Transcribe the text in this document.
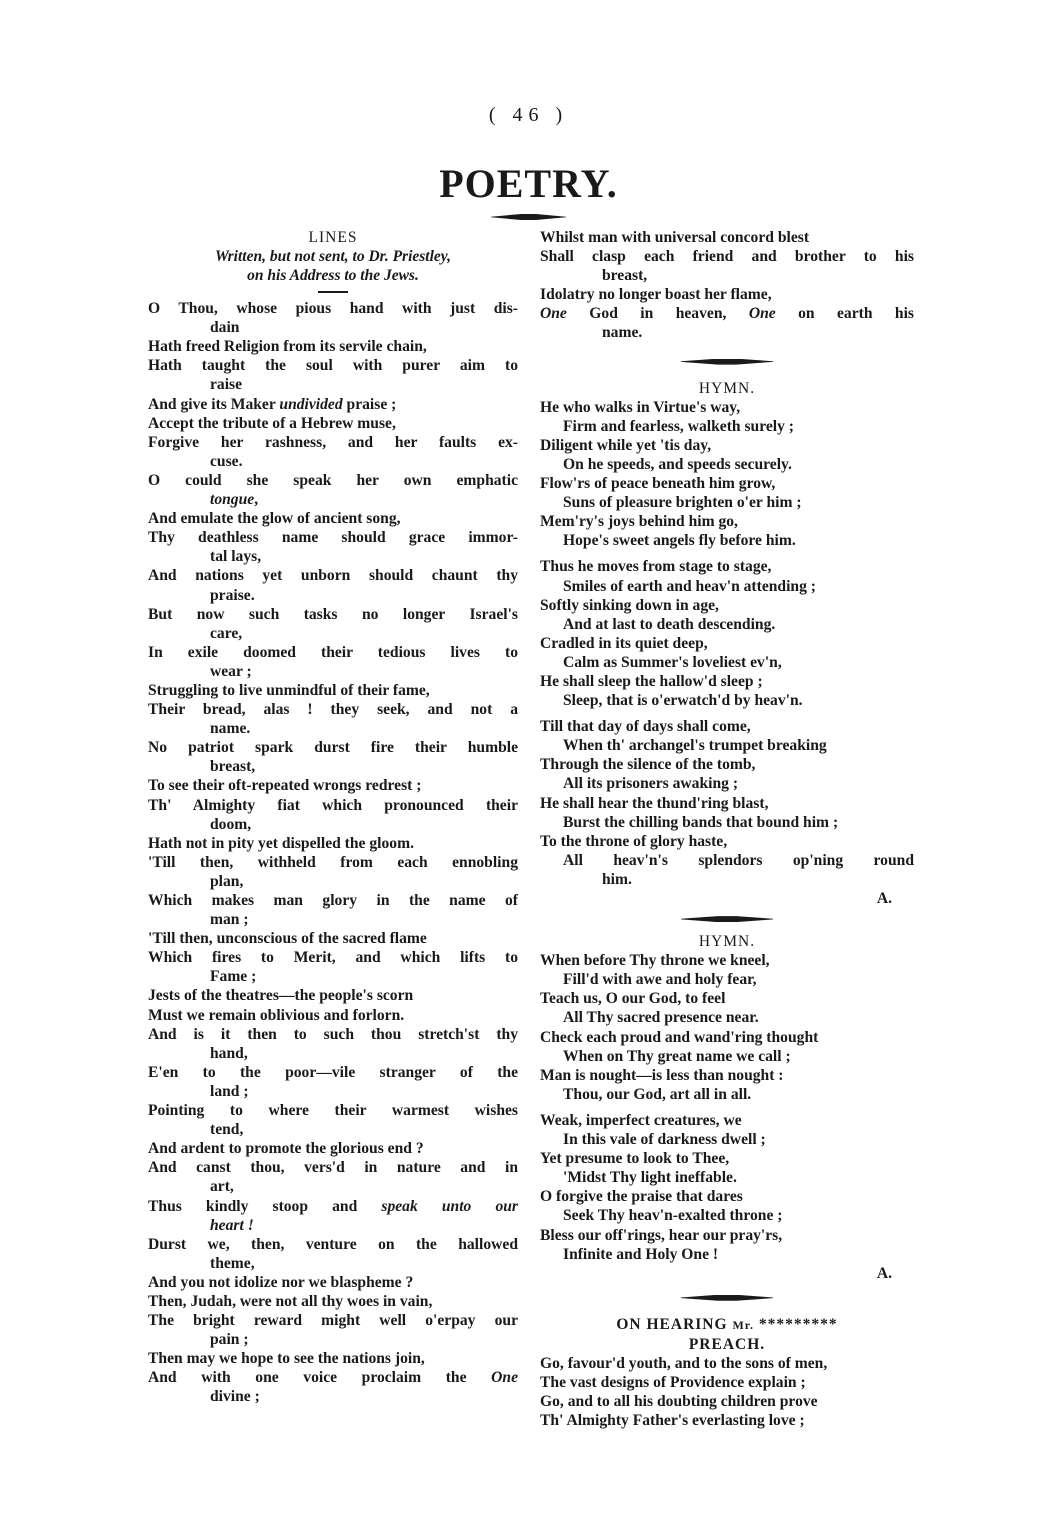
( 46 )
POETRY.
LINES
Written, but not sent, to Dr. Priestley,
on his Address to the Jews.
O Thou, whose pious hand with just dis-
dain
Hath freed Religion from its servile chain,
Hath taught the soul with purer aim to
raise
And give its Maker undivided praise ;
Accept the tribute of a Hebrew muse,
Forgive her rashness, and her faults ex-
cuse.
O could she speak her own emphatic
tongue,
And emulate the glow of ancient song,
Thy deathless name should grace immor-
tal lays,
And nations yet unborn should chaunt thy
praise.
But now such tasks no longer Israel's
care,
In exile doomed their tedious lives to
wear ;
Struggling to live unmindful of their fame,
Their bread, alas ! they seek, and not a
name.
No patriot spark durst fire their humble
breast,
To see their oft-repeated wrongs redrest ;
Th' Almighty fiat which pronounced their
doom,
Hath not in pity yet dispelled the gloom.
'Till then, withheld from each ennobling
plan,
Which makes man glory in the name of
man ;
'Till then, unconscious of the sacred flame
Which fires to Merit, and which lifts to
Fame ;
Jests of the theatres—the people's scorn
Must we remain oblivious and forlorn.
And is it then to such thou stretch'st thy
hand,
E'en to the poor—vile stranger of the
land ;
Pointing to where their warmest wishes
tend,
And ardent to promote the glorious end ?
And canst thou, vers'd in nature and in
art,
Thus kindly stoop and speak unto our
heart !
Durst we, then, venture on the hallowed
theme,
And you not idolize nor we blaspheme ?
Then, Judah, were not all thy woes in vain,
The bright reward might well o'erpay our
pain ;
Then may we hope to see the nations join,
And with one voice proclaim the One
divine ;
Whilst man with universal concord blest
Shall clasp each friend and brother to his
breast,
Idolatry no longer boast her flame,
One God in heaven, One on earth his
name.
HYMN.
He who walks in Virtue's way,
Firm and fearless, walketh surely ;
Diligent while yet 'tis day,
On he speeds, and speeds securely.
Flow'rs of peace beneath him grow,
Suns of pleasure brighten o'er him ;
Mem'ry's joys behind him go,
Hope's sweet angels fly before him.
Thus he moves from stage to stage,
Smiles of earth and heav'n attending ;
Softly sinking down in age,
And at last to death descending.
Cradled in its quiet deep,
Calm as Summer's loveliest ev'n,
He shall sleep the hallow'd sleep ;
Sleep, that is o'erwatch'd by heav'n.
Till that day of days shall come,
When th' archangel's trumpet breaking
Through the silence of the tomb,
All its prisoners awaking ;
He shall hear the thund'ring blast,
Burst the chilling bands that bound him ;
To the throne of glory haste,
All heav'n's splendors op'ning round
him.
A.
HYMN.
When before Thy throne we kneel,
Fill'd with awe and holy fear,
Teach us, O our God, to feel
All Thy sacred presence near.
Check each proud and wand'ring thought
When on Thy great name we call ;
Man is nought—is less than nought :
Thou, our God, art all in all.
Weak, imperfect creatures, we
In this vale of darkness dwell ;
Yet presume to look to Thee,
'Midst Thy light ineffable.
O forgive the praise that dares
Seek Thy heav'n-exalted throne ;
Bless our off'rings, hear our pray'rs,
Infinite and Holy One !
A.
ON HEARING Mr. *********
PREACH.
Go, favour'd youth, and to the sons of men,
The vast designs of Providence explain ;
Go, and to all his doubting children prove
Th' Almighty Father's everlasting love ;
